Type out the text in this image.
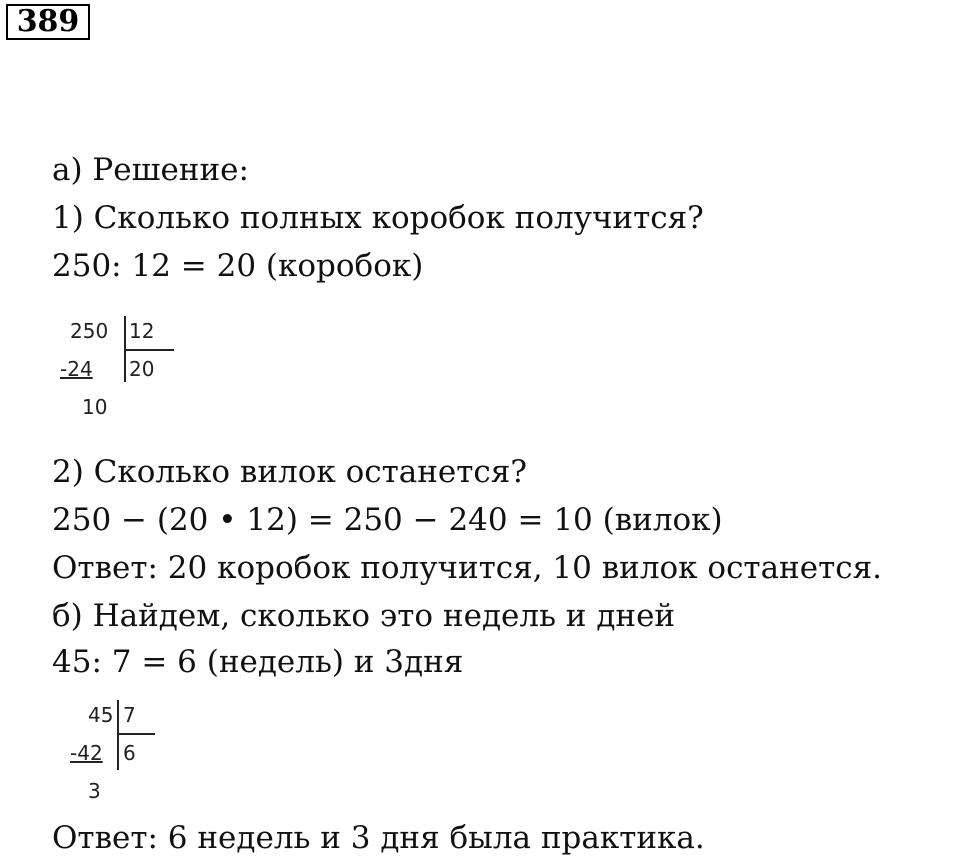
389

а) Решение:

1) Сколько полных коробок получится?

250: 12 = 20 (коробок)

250 12
-24 20
10

2) Сколько вилок останется?

250 − (20 • 12) = 250 − 240 = 10 (вилок)

Ответ: 20 коробок получится, 10 вилок останется.

б) Найдем, сколько это недель и дней

45: 7 = 6 (недель) и 3дня

45 7
-42 6
3

Ответ: 6 недель и 3 дня была практика.
